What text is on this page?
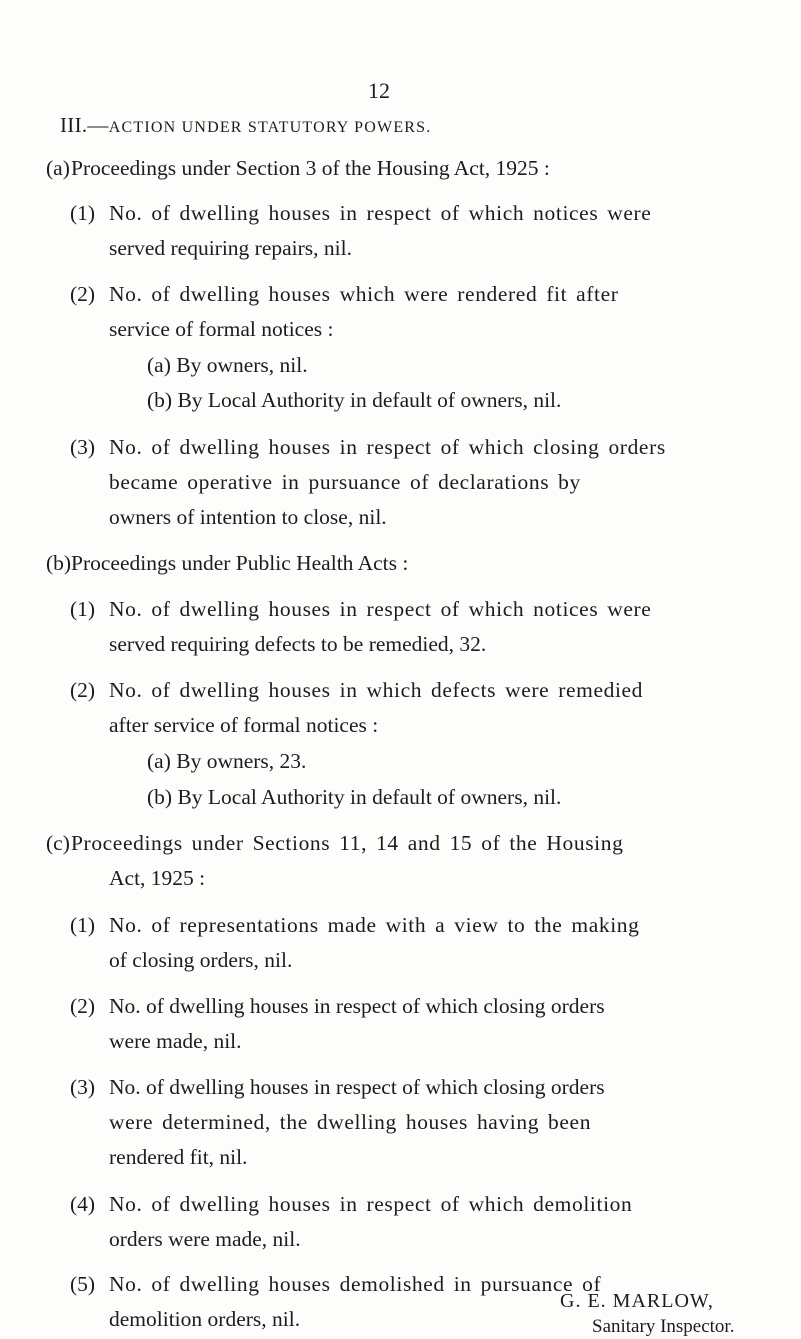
12
III.—ACTION UNDER STATUTORY POWERS.
(a) Proceedings under Section 3 of the Housing Act, 1925 :
(1) No. of dwelling houses in respect of which notices were
served requiring repairs, nil.
(2) No. of dwelling houses which were rendered fit after
service of formal notices :
(a) By owners, nil.
(b) By Local Authority in default of owners, nil.
(3) No. of dwelling houses in respect of which closing orders
became operative in pursuance of declarations by
owners of intention to close, nil.
(b) Proceedings under Public Health Acts :
(1) No. of dwelling houses in respect of which notices were
served requiring defects to be remedied, 32.
(2) No. of dwelling houses in which defects were remedied
after service of formal notices :
(a) By owners, 23.
(b) By Local Authority in default of owners, nil.
(c) Proceedings under Sections 11, 14 and 15 of the Housing
Act, 1925 :
(1) No. of representations made with a view to the making
of closing orders, nil.
(2) No. of dwelling houses in respect of which closing orders
were made, nil.
(3) No. of dwelling houses in respect of which closing orders
were determined, the dwelling houses having been
rendered fit, nil.
(4) No. of dwelling houses in respect of which demolition
orders were made, nil.
(5) No. of dwelling houses demolished in pursuance of
demolition orders, nil.
G. E. MARLOW,
Sanitary Inspector.
